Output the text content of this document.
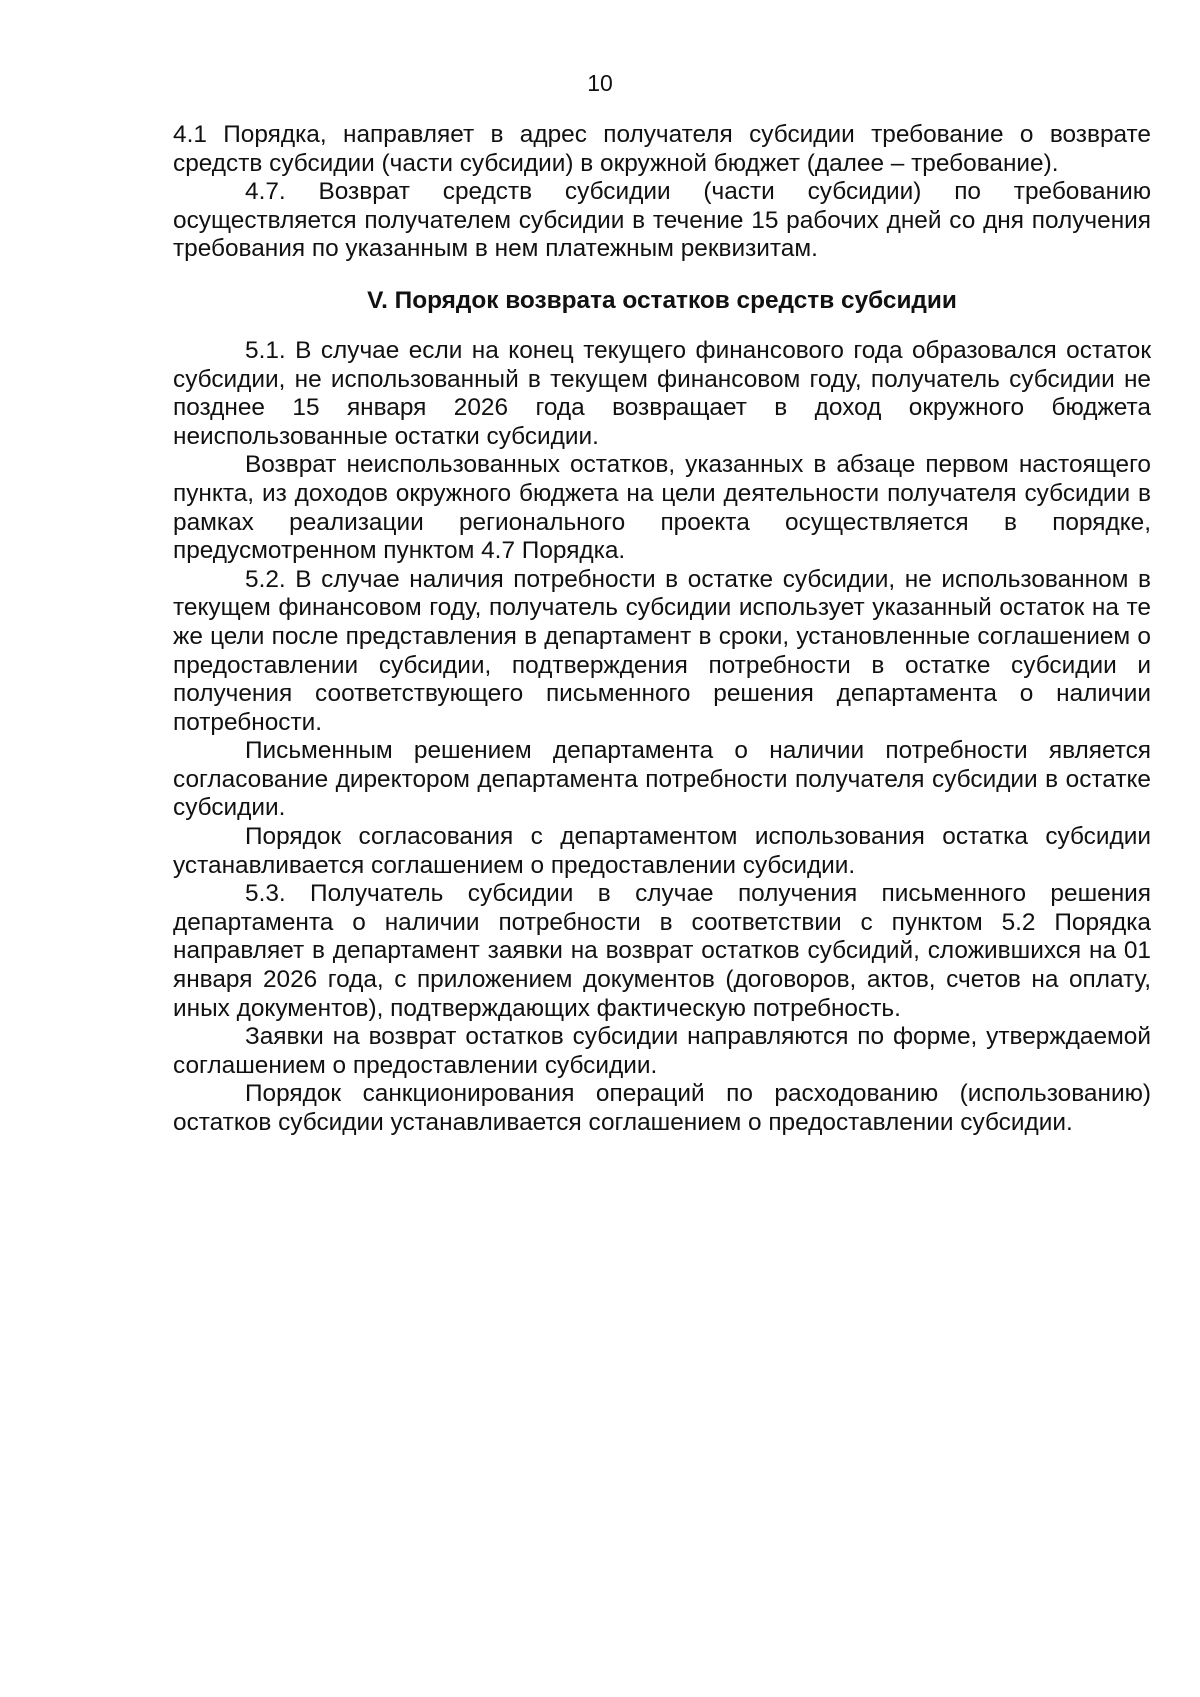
10

4.1 Порядка, направляет в адрес получателя субсидии требование о возврате средств субсидии (части субсидии) в окружной бюджет (далее – требование).

4.7. Возврат средств субсидии (части субсидии) по требованию осуществляется получателем субсидии в течение 15 рабочих дней со дня получения требования по указанным в нем платежным реквизитам.

V. Порядок возврата остатков средств субсидии

5.1. В случае если на конец текущего финансового года образовался остаток субсидии, не использованный в текущем финансовом году, получатель субсидии не позднее 15 января 2026 года возвращает в доход окружного бюджета неиспользованные остатки субсидии.

Возврат неиспользованных остатков, указанных в абзаце первом настоящего пункта, из доходов окружного бюджета на цели деятельности получателя субсидии в рамках реализации регионального проекта осуществляется в порядке, предусмотренном пунктом 4.7 Порядка.

5.2. В случае наличия потребности в остатке субсидии, не использованном в текущем финансовом году, получатель субсидии использует указанный остаток на те же цели после представления в департамент в сроки, установленные соглашением о предоставлении субсидии, подтверждения потребности в остатке субсидии и получения соответствующего письменного решения департамента о наличии потребности.

Письменным решением департамента о наличии потребности является согласование директором департамента потребности получателя субсидии в остатке субсидии.

Порядок согласования с департаментом использования остатка субсидии устанавливается соглашением о предоставлении субсидии.

5.3. Получатель субсидии в случае получения письменного решения департамента о наличии потребности в соответствии с пунктом 5.2 Порядка направляет в департамент заявки на возврат остатков субсидий, сложившихся на 01 января 2026 года, с приложением документов (договоров, актов, счетов на оплату, иных документов), подтверждающих фактическую потребность.

Заявки на возврат остатков субсидии направляются по форме, утверждаемой соглашением о предоставлении субсидии.

Порядок санкционирования операций по расходованию (использованию) остатков субсидии устанавливается соглашением о предоставлении субсидии.
